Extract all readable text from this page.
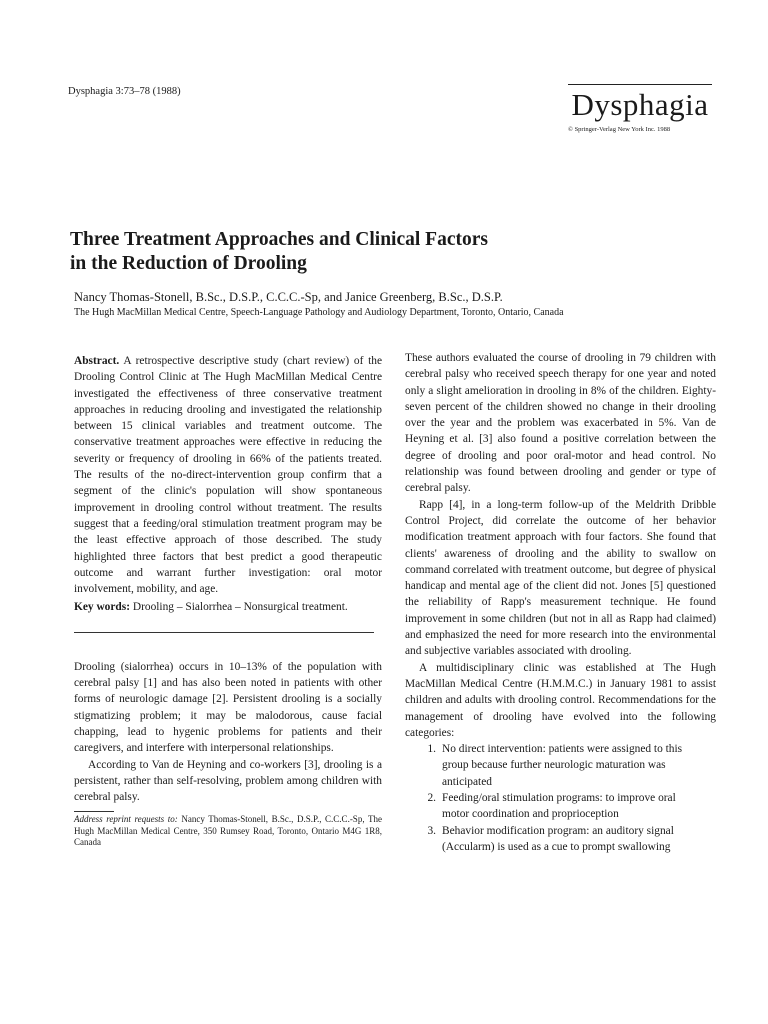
Dysphagia 3:73–78 (1988)	Dysphagia
© Springer-Verlag New York Inc. 1988
Three Treatment Approaches and Clinical Factors
in the Reduction of Drooling
Nancy Thomas-Stonell, B.Sc., D.S.P., C.C.C.-Sp, and Janice Greenberg, B.Sc., D.S.P.
The Hugh MacMillan Medical Centre, Speech-Language Pathology and Audiology Department, Toronto, Ontario, Canada

Abstract. A retrospective descriptive study (chart review) of the Drooling Control Clinic at The Hugh MacMillan Medical Centre investigated the effectiveness of three conservative treatment approaches in reducing drooling and investigated the relationship between 15 clinical variables and treatment outcome. The conservative treatment approaches were effective in reducing the severity or frequency of drooling in 66% of the patients treated. The results of the no-direct-intervention group confirm that a segment of the clinic's population will show spontaneous improvement in drooling control without treatment. The results suggest that a feeding/oral stimulation treatment program may be the least effective approach of those described. The study highlighted three factors that best predict a good therapeutic outcome and warrant further investigation: oral motor involvement, mobility, and age.

Key words: Drooling – Sialorrhea – Nonsurgical treatment.

Drooling (sialorrhea) occurs in 10–13% of the population with cerebral palsy [1] and has also been noted in patients with other forms of neurologic damage [2]. Persistent drooling is a socially stigmatizing problem; it may be malodorous, cause facial chapping, lead to hygenic problems for patients and their caregivers, and interfere with interpersonal relationships.

According to Van de Heyning and co-workers [3], drooling is a persistent, rather than self-resolving, problem among children with cerebral palsy.

Address reprint requests to: Nancy Thomas-Stonell, B.Sc., D.S.P., C.C.C.-Sp, The Hugh MacMillan Medical Centre, 350 Rumsey Road, Toronto, Ontario M4G 1R8, Canada

These authors evaluated the course of drooling in 79 children with cerebral palsy who received speech therapy for one year and noted only a slight amelioration in drooling in 8% of the children. Eighty-seven percent of the children showed no change in their drooling over the year and the problem was exacerbated in 5%. Van de Heyning et al. [3] also found a positive correlation between the degree of drooling and poor oral-motor and head control. No relationship was found between drooling and gender or type of cerebral palsy.

Rapp [4], in a long-term follow-up of the Meldrith Dribble Control Project, did correlate the outcome of her behavior modification treatment approach with four factors. She found that clients' awareness of drooling and the ability to swallow on command correlated with treatment outcome, but degree of physical handicap and mental age of the client did not. Jones [5] questioned the reliability of Rapp's measurement technique. He found improvement in some children (but not in all as Rapp had claimed) and emphasized the need for more research into the environmental and subjective variables associated with drooling.

A multidisciplinary clinic was established at The Hugh MacMillan Medical Centre (H.M.M.C.) in January 1981 to assist children and adults with drooling control. Recommendations for the management of drooling have evolved into the following categories:

1. No direct intervention: patients were assigned to this group because further neurologic maturation was anticipated
2. Feeding/oral stimulation programs: to improve oral motor coordination and proprioception
3. Behavior modification program: an auditory signal (Accularm) is used as a cue to prompt swallowing
